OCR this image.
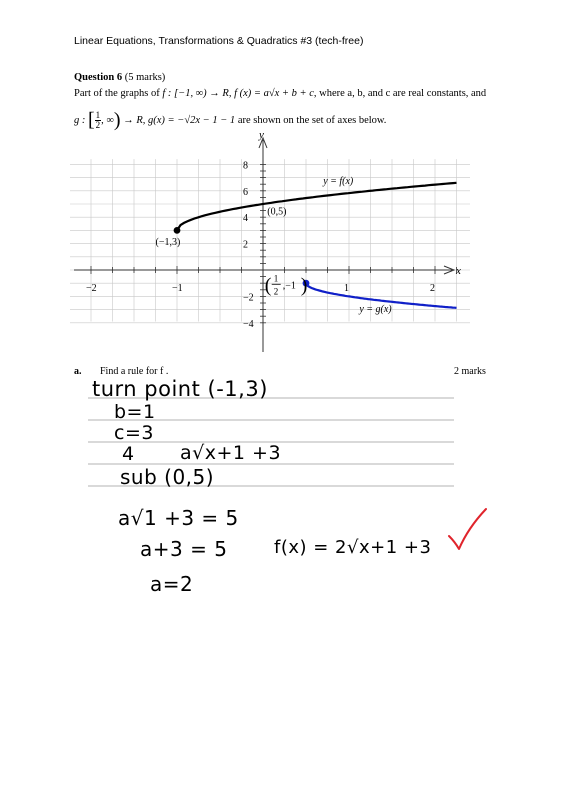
Linear Equations, Transformations & Quadratics #3 (tech-free)
Question 6 (5 marks)
Part of the graphs of f : [−1, ∞) → R, f (x) = a√x + b + c, where a, b, and c are real constants, and
g : [ $\frac{1}{2}$ , ∞) → R, g(x) = −√2x − 1 − 1 are shown on the set of axes below.
x
y
−2	−1	1	2
8
6
4
2
−2
−4
y = f(x)
y = g(x)
(−1,3)
(0,5)
( 1
2 ,−1 )
a. Find a rule for f .	2 marks
turn point (-1,3)
b=1
c=3
4 a√x+1 +3
sub (0,5)
a√1 +3 = 5
a+3 = 5
a=2
f(x) = 2√x+1 +3
